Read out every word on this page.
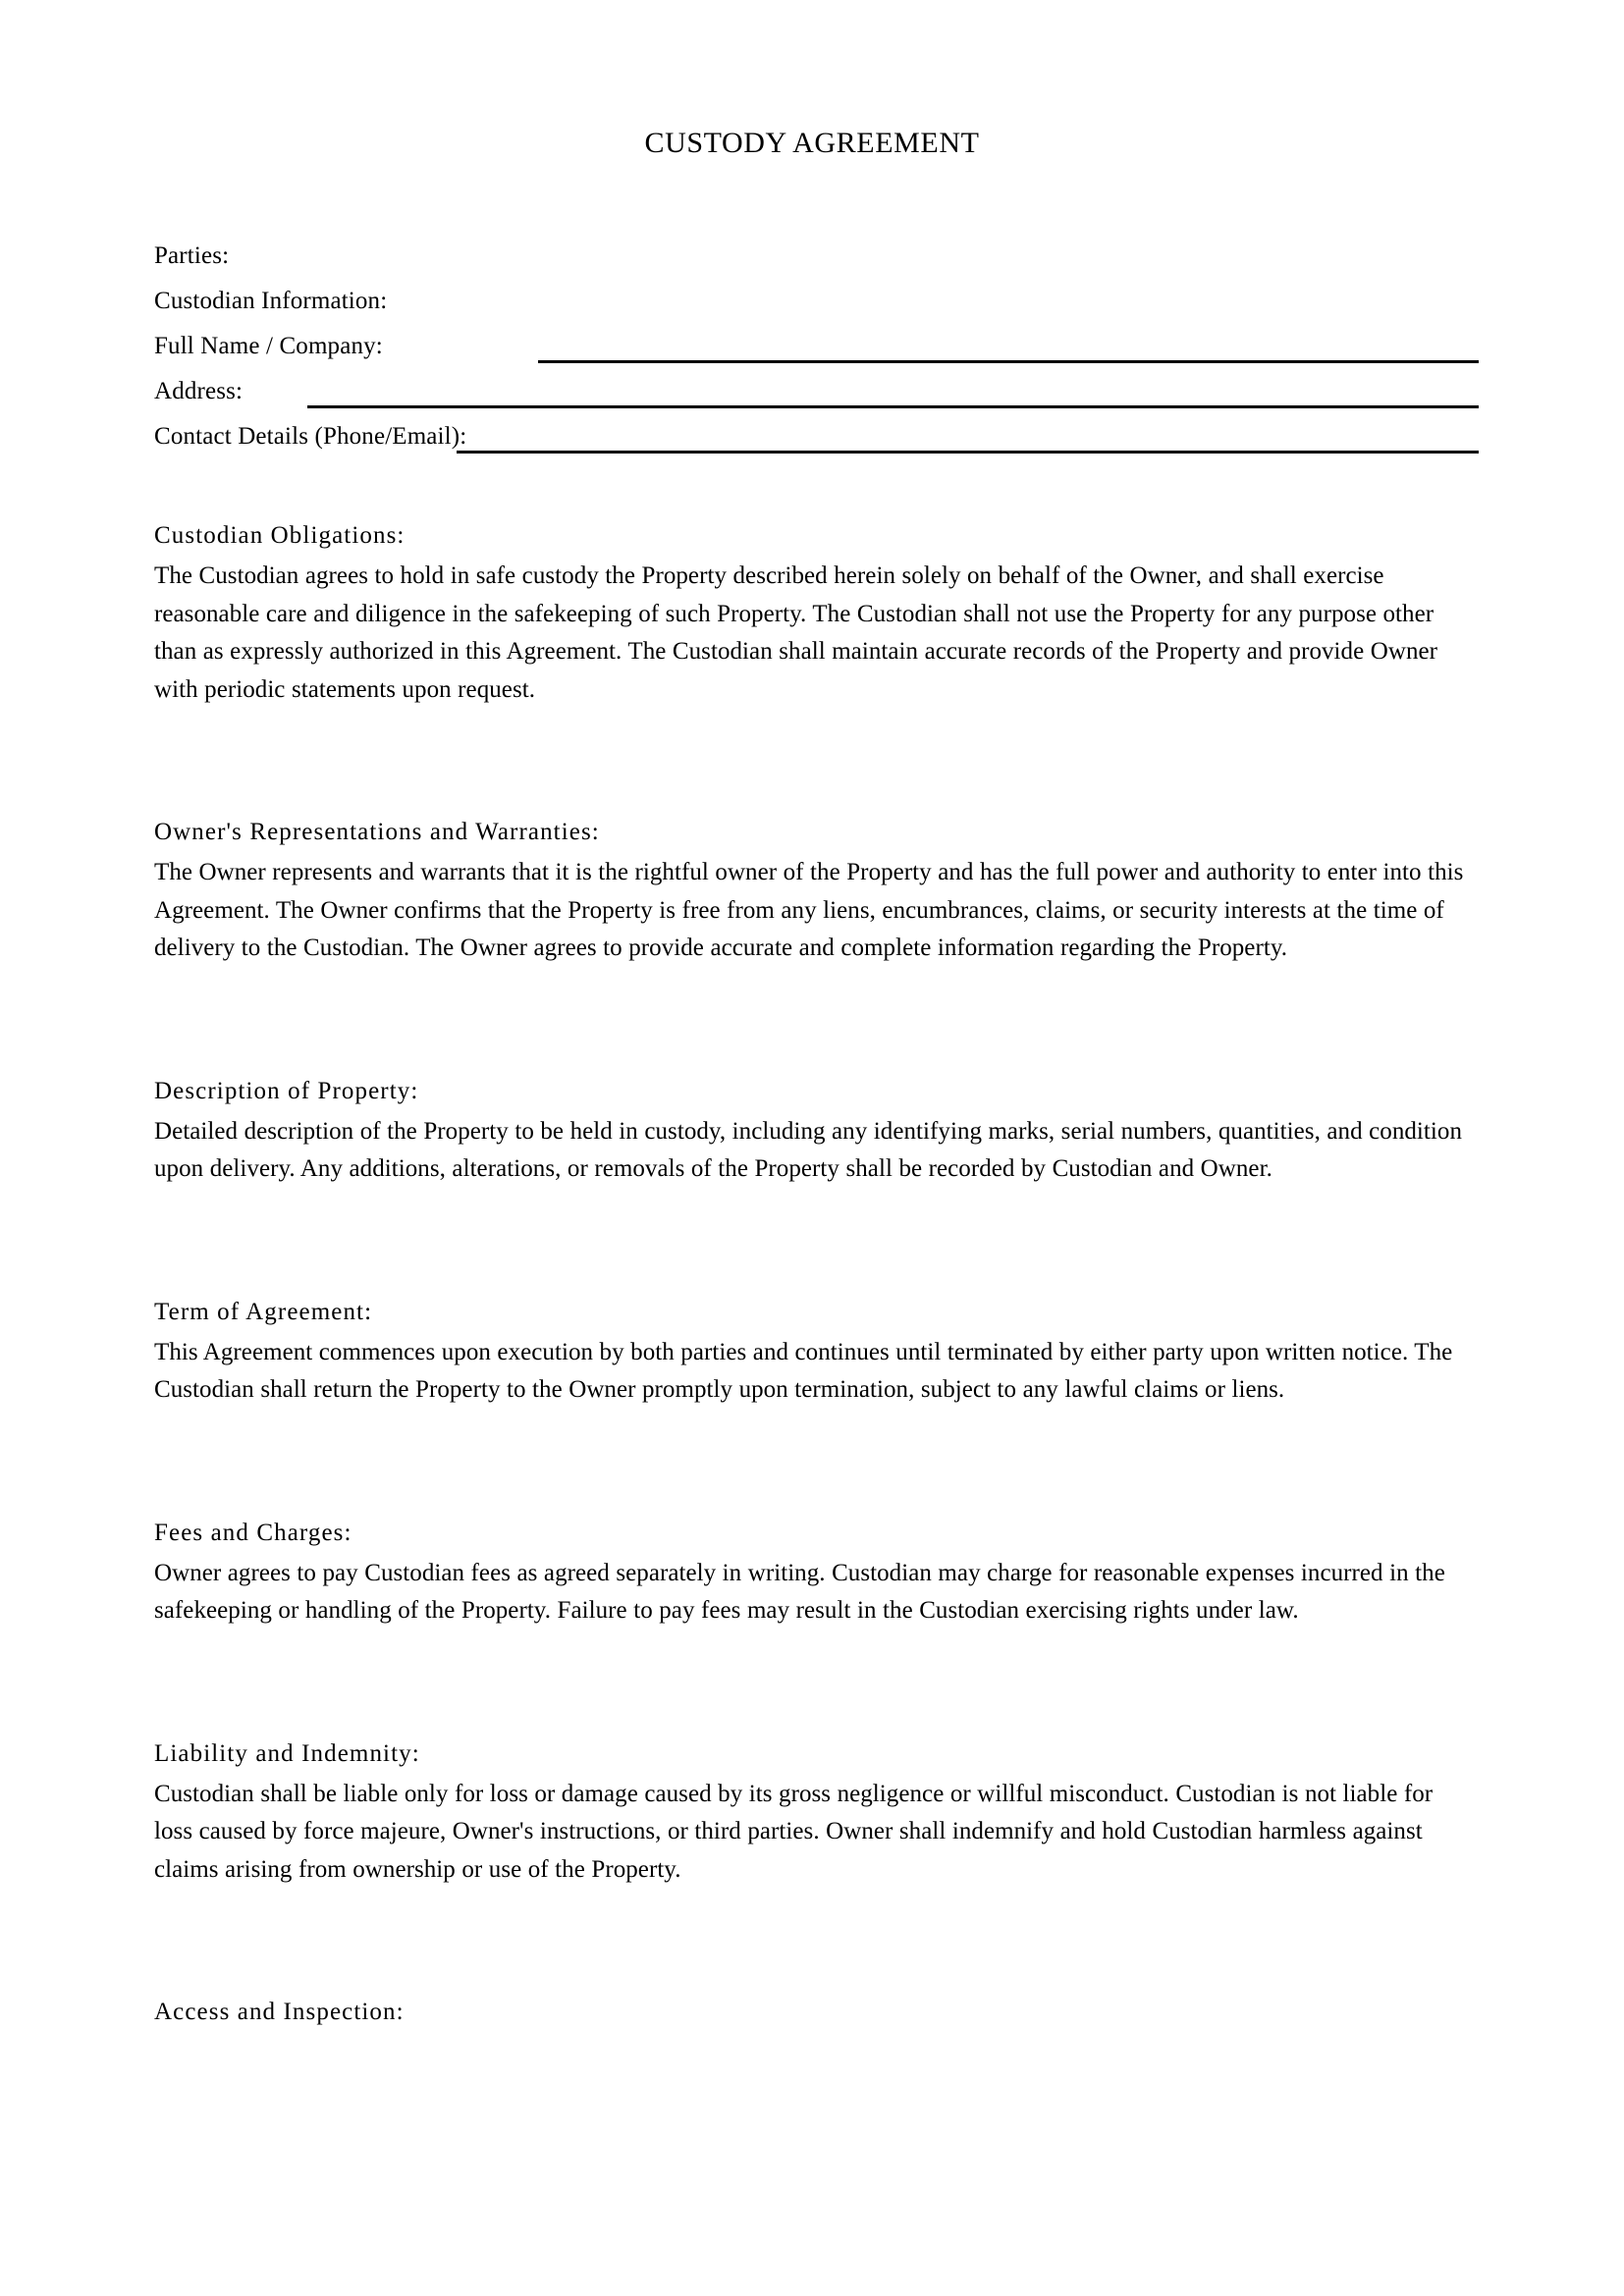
CUSTODY AGREEMENT
Parties:
Custodian Information:
Full Name / Company:
Address:
Contact Details (Phone/Email):
Custodian Obligations:

The Custodian agrees to hold in safe custody the Property described herein solely on behalf of the Owner, and shall exercise reasonable care and diligence in the safekeeping of such Property. The Custodian shall not use the Property for any purpose other than as expressly authorized in this Agreement. The Custodian shall maintain accurate records of the Property and provide Owner with periodic statements upon request.

Owner's Representations and Warranties:

The Owner represents and warrants that it is the rightful owner of the Property and has the full power and authority to enter into this Agreement. The Owner confirms that the Property is free from any liens, encumbrances, claims, or security interests at the time of delivery to the Custodian. The Owner agrees to provide accurate and complete information regarding the Property.

Description of Property:

Detailed description of the Property to be held in custody, including any identifying marks, serial numbers, quantities, and condition upon delivery. Any additions, alterations, or removals of the Property shall be recorded by Custodian and Owner.

Term of Agreement:

This Agreement commences upon execution by both parties and continues until terminated by either party upon written notice. The Custodian shall return the Property to the Owner promptly upon termination, subject to any lawful claims or liens.

Fees and Charges:

Owner agrees to pay Custodian fees as agreed separately in writing. Custodian may charge for reasonable expenses incurred in the safekeeping or handling of the Property. Failure to pay fees may result in the Custodian exercising rights under law.

Liability and Indemnity:

Custodian shall be liable only for loss or damage caused by its gross negligence or willful misconduct. Custodian is not liable for loss caused by force majeure, Owner's instructions, or third parties. Owner shall indemnify and hold Custodian harmless against claims arising from ownership or use of the Property.

Access and Inspection:
